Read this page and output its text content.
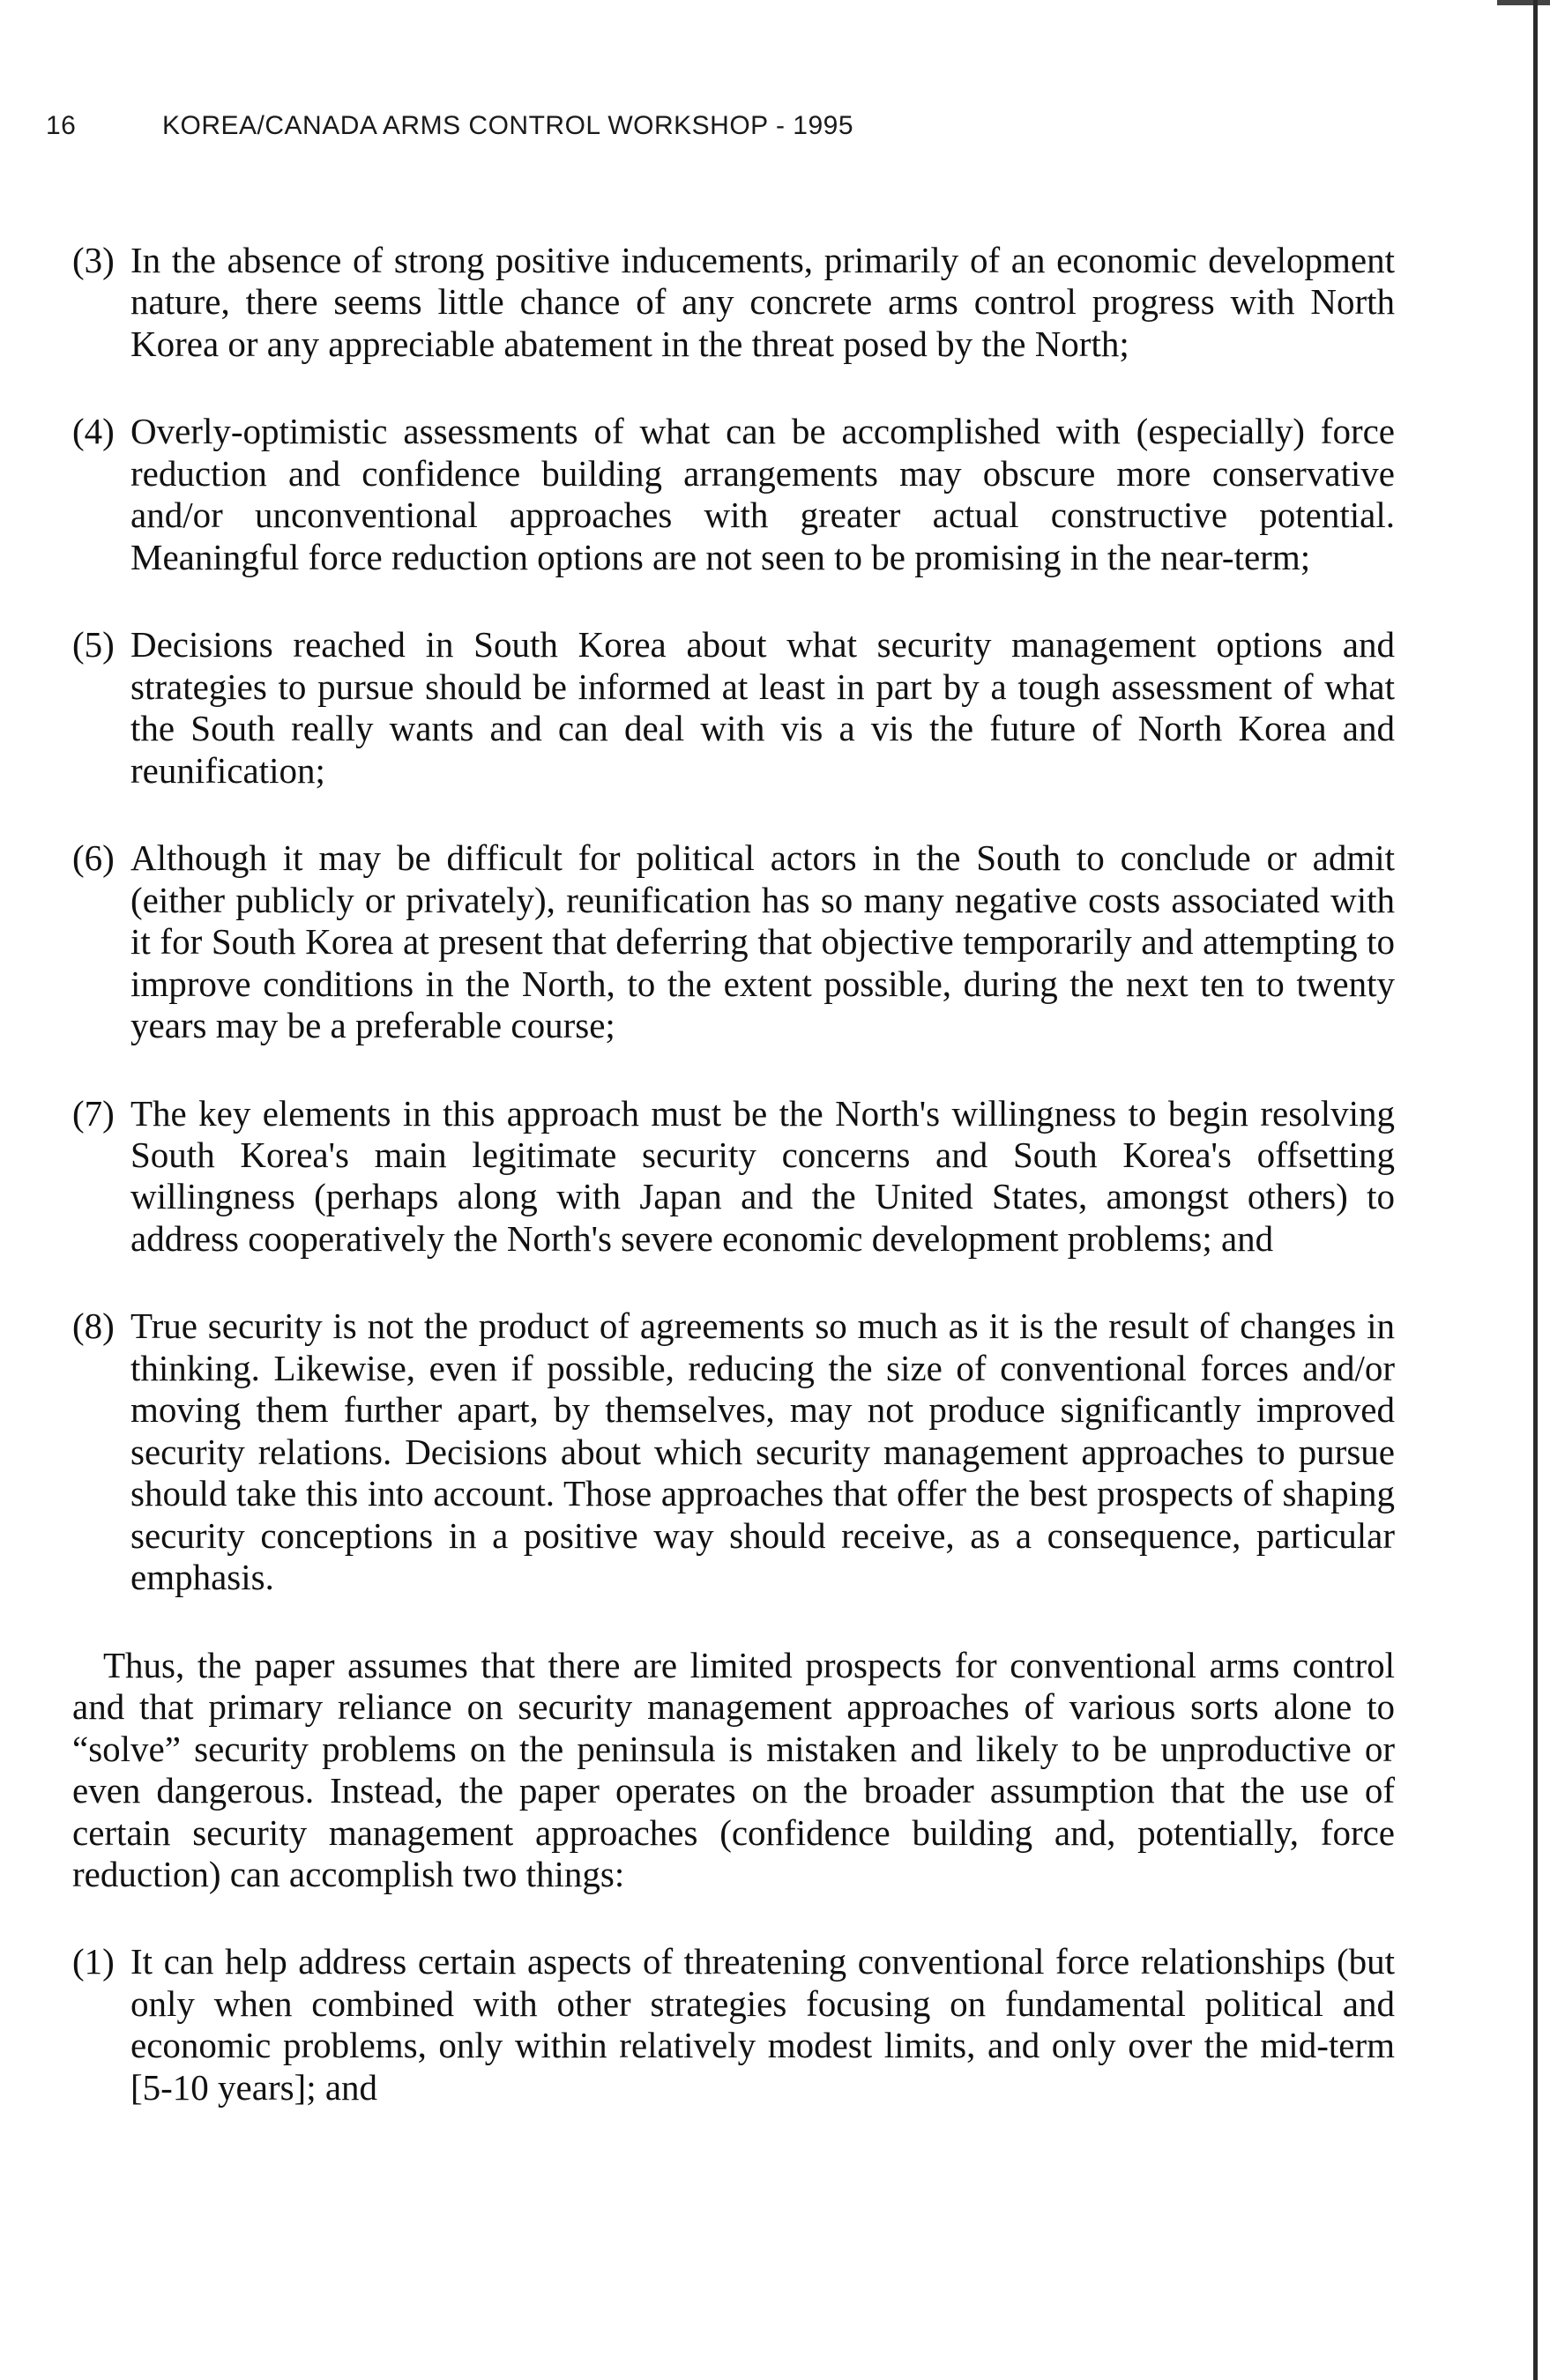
16	KOREA/CANADA ARMS CONTROL WORKSHOP - 1995
(3) In the absence of strong positive inducements, primarily of an economic development nature, there seems little chance of any concrete arms control progress with North Korea or any appreciable abatement in the threat posed by the North;
(4) Overly-optimistic assessments of what can be accomplished with (especially) force reduction and confidence building arrangements may obscure more conservative and/or unconventional approaches with greater actual constructive potential. Meaningful force reduction options are not seen to be promising in the near-term;
(5) Decisions reached in South Korea about what security management options and strategies to pursue should be informed at least in part by a tough assessment of what the South really wants and can deal with vis a vis the future of North Korea and reunification;
(6) Although it may be difficult for political actors in the South to conclude or admit (either publicly or privately), reunification has so many negative costs associated with it for South Korea at present that deferring that objective temporarily and attempting to improve conditions in the North, to the extent possible, during the next ten to twenty years may be a preferable course;
(7) The key elements in this approach must be the North's willingness to begin resolving South Korea's main legitimate security concerns and South Korea's offsetting willingness (perhaps along with Japan and the United States, amongst others) to address cooperatively the North's severe economic development problems; and
(8) True security is not the product of agreements so much as it is the result of changes in thinking. Likewise, even if possible, reducing the size of conventional forces and/or moving them further apart, by themselves, may not produce significantly improved security relations. Decisions about which security management approaches to pursue should take this into account. Those approaches that offer the best prospects of shaping security conceptions in a positive way should receive, as a consequence, particular emphasis.

Thus, the paper assumes that there are limited prospects for conventional arms control and that primary reliance on security management approaches of various sorts alone to “solve” security problems on the peninsula is mistaken and likely to be unproductive or even dangerous. Instead, the paper operates on the broader assumption that the use of certain security management approaches (confidence building and, potentially, force reduction) can accomplish two things:

(1) It can help address certain aspects of threatening conventional force relationships (but only when combined with other strategies focusing on fundamental political and economic problems, only within relatively modest limits, and only over the mid-term [5-10 years]; and
